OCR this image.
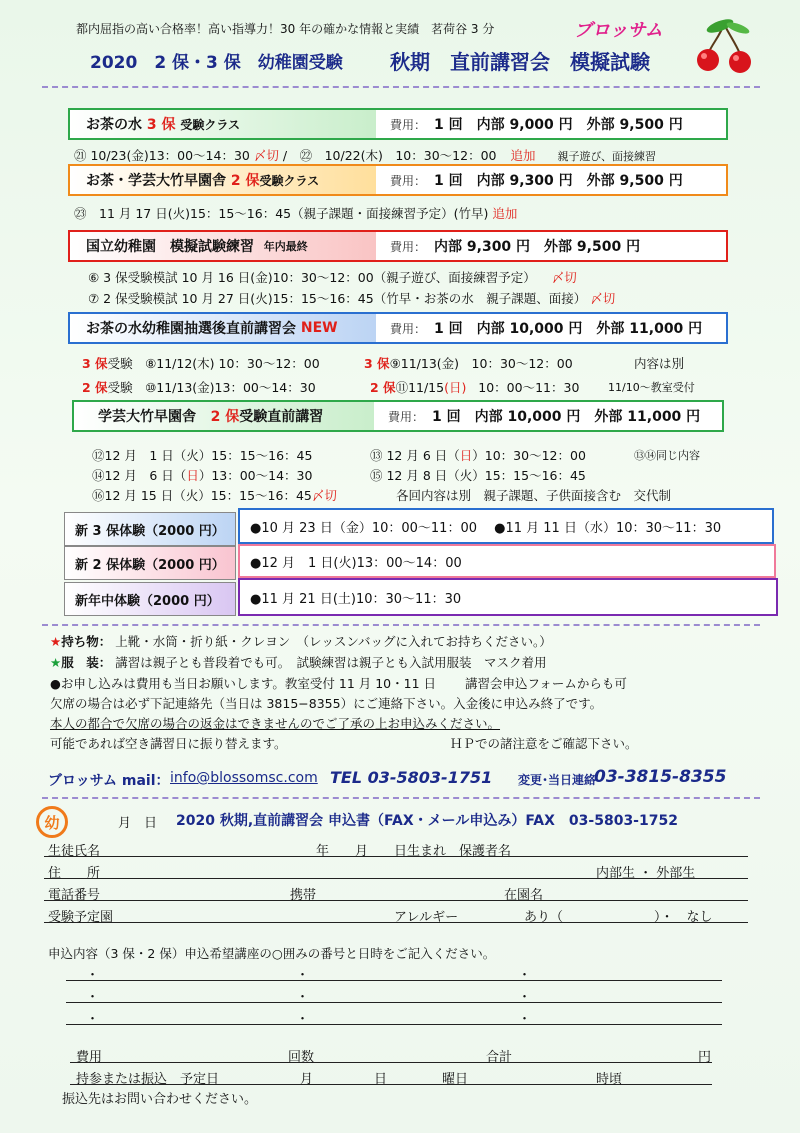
都内屈指の高い合格率！高い指導力！30 年の確かな情報と実績　茗荷谷 3 分	ブロッサム
2020　2 保・3 保　幼稚園受験 秋期　直前講習会　模擬試験
お茶の水
3 保
受験クラス	費用： 1 回　内部 9,000 円　外部 9,500 円
㉑ 10/23(金)13：00〜14：30 〆切 /　㉒　10/22(木)　10：30〜12：00 追加 親子遊び、面接練習
お茶・学芸大竹早園舎
2 保 受験クラス	費用： 1 回　内部 9,300 円　外部 9,500 円
㉓　11 月 17 日(火)15：15〜16：45（親子課題・面接練習予定）(竹早) 追加
国立幼稚園　模擬試験練習
年内最終	費用： 内部 9,300 円　外部 9,500 円
⑥ 3 保受験模試 10 月 16 日(金)10：30〜12：00（親子遊び、面接練習予定） 〆切
⑦ 2 保受験模試 10 月 27 日(火)15：15〜16：45（竹早・お茶の水　親子課題、面接） 〆切
お茶の水幼稚園抽選後直前講習会
NEW	費用： 1 回　内部 10,000 円　外部 11,000 円
3 保受験　⑧11/12(木) 10：30〜12：00	3 保⑨11/13(金)　10：30〜12：00	内容は別
2 保受験　⑩11/13(金)13：00〜14：30	2 保⑪11/15(日) 10：00〜11：30	11/10〜教室受付
学芸大竹早園舎
2 保 受験直前講習	費用： 1 回　内部 10,000 円　外部 11,000 円
⑫12 月　1 日（火）15：15〜16：45	⑬ 12 月 6 日（日）10：30〜12：00	⑬⑭同じ内容
⑭12 月　6 日（日）13：00〜14：30	⑮ 12 月 8 日（火）15：15〜16：45
⑯12 月 15 日（火）15：15〜16：45〆切	各回内容は別　親子課題、子供面接含む　交代制
新 3 保体験（2000 円）	●10 月 23 日（金）10：00〜11：00　 ●11 月 11 日（水）10：30〜11：30
新 2 保体験（2000 円）	●12 月　1 日(火)13：00〜14：00
新年中体験（2000 円）	●11 月 21 日(土)10：30〜11：30
★持ち物： 上靴・水筒・折り紙・クレヨン　（レッスンバッグに入れてお持ちください。）
★服　装： 講習は親子とも普段着でも可。　試験練習は親子とも入試用服装　マスク着用
●お申し込みは費用も当日お願いします。教室受付 11 月 10・11 日　　 講習会申込フォームからも可
欠席の場合は必ず下記連絡先（当日は 3815−8355）にご連絡下さい。入金後に申込み終了です。
本人の都合で欠席の場合の返金はできませんのでご了承の上お申込みください。
可能であれば空き講習日に振り替えます。	ＨＰでの諸注意をご確認下さい。
ブロッサム mail： info@blossomsc.com TEL 03-5803-1751 変更･当日連絡
03-3815-8355
幼	月　日 2020 秋期,直前講習会 申込書（FAX・メール申込み）FAX　03-5803-1752
生徒氏名	年　　月　　日生まれ　保護者名
住　　所	内部生 ・ 外部生
電話番号	携帯	在園名
受験予定園	アレルギー	あり（　　　　　　　）・　なし
申込内容（3 保・2 保）申込希望講座の○囲みの番号と日時をご記入ください。
・	・	・
・	・	・
・	・	・
費用	回数	合計	円
持参または振込　予定日	月	日	曜日	時頃
振込先はお問い合わせください。
